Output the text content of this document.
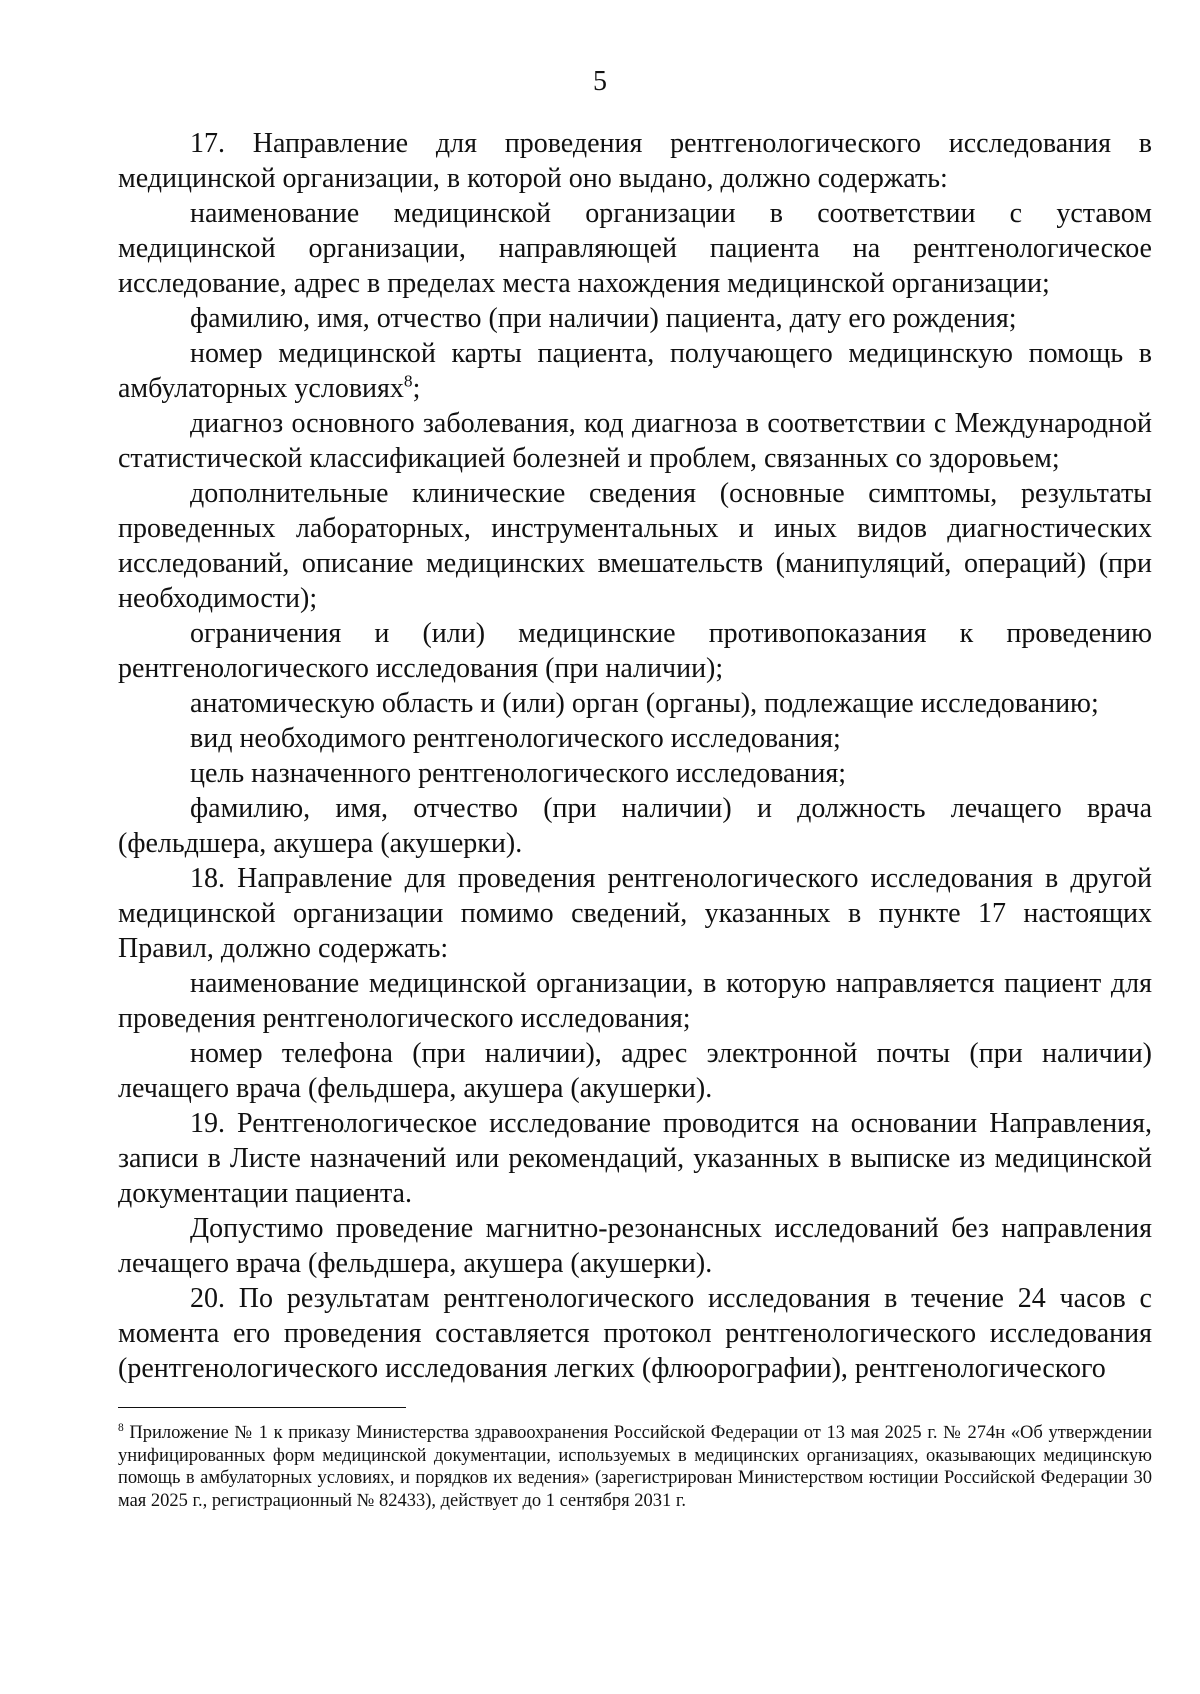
5

17. Направление для проведения рентгенологического исследования в медицинской организации, в которой оно выдано, должно содержать:

наименование медицинской организации в соответствии с уставом медицинской организации, направляющей пациента на рентгенологическое исследование, адрес в пределах места нахождения медицинской организации;

фамилию, имя, отчество (при наличии) пациента, дату его рождения;

номер медицинской карты пациента, получающего медицинскую помощь в амбулаторных условиях$^8$;

диагноз основного заболевания, код диагноза в соответствии с Международной статистической классификацией болезней и проблем, связанных со здоровьем;

дополнительные клинические сведения (основные симптомы, результаты проведенных лабораторных, инструментальных и иных видов диагностических исследований, описание медицинских вмешательств (манипуляций, операций) (при необходимости);

ограничения и (или) медицинские противопоказания к проведению рентгенологического исследования (при наличии);

анатомическую область и (или) орган (органы), подлежащие исследованию;

вид необходимого рентгенологического исследования;

цель назначенного рентгенологического исследования;

фамилию, имя, отчество (при наличии) и должность лечащего врача (фельдшера, акушера (акушерки).

18. Направление для проведения рентгенологического исследования в другой медицинской организации помимо сведений, указанных в пункте 17 настоящих Правил, должно содержать:

наименование медицинской организации, в которую направляется пациент для проведения рентгенологического исследования;

номер телефона (при наличии), адрес электронной почты (при наличии) лечащего врача (фельдшера, акушера (акушерки).

19. Рентгенологическое исследование проводится на основании Направления, записи в Листе назначений или рекомендаций, указанных в выписке из медицинской документации пациента.

Допустимо проведение магнитно-резонансных исследований без направления лечащего врача (фельдшера, акушера (акушерки).

20. По результатам рентгенологического исследования в течение 24 часов с момента его проведения составляется протокол рентгенологического исследования (рентгенологического исследования легких (флюорографии), рентгенологического

$^8$ Приложение № 1 к приказу Министерства здравоохранения Российской Федерации от 13 мая 2025 г. № 274н «Об утверждении унифицированных форм медицинской документации, используемых в медицинских организациях, оказывающих медицинскую помощь в амбулаторных условиях, и порядков их ведения» (зарегистрирован Министерством юстиции Российской Федерации 30 мая 2025 г., регистрационный № 82433), действует до 1 сентября 2031 г.
